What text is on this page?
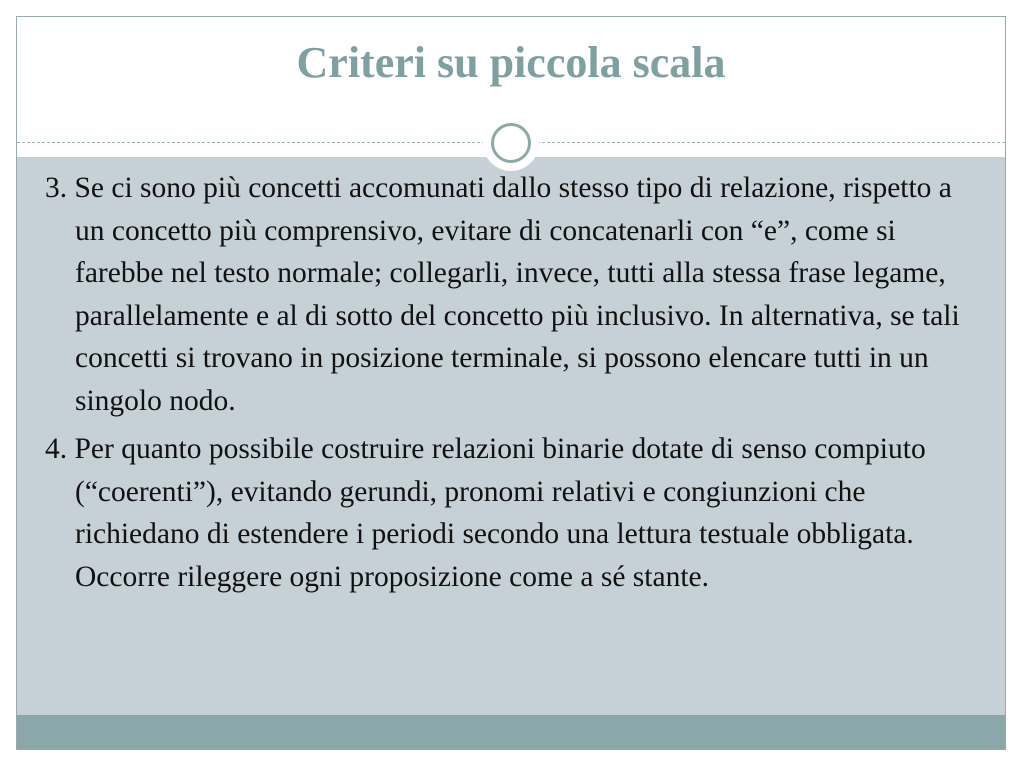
Criteri su piccola scala

3. Se ci sono più concetti accomunati dallo stesso tipo di relazione, rispetto a un concetto più comprensivo, evitare di concatenarli con “e”, come si farebbe nel testo normale; collegarli, invece, tutti alla stessa frase legame, parallelamente e al di sotto del concetto più inclusivo. In alternativa, se tali concetti si trovano in posizione terminale, si possono elencare tutti in un singolo nodo.

4. Per quanto possibile costruire relazioni binarie dotate di senso compiuto (“coerenti”), evitando gerundi, pronomi relativi e congiunzioni che richiedano di estendere i periodi secondo una lettura testuale obbligata. Occorre rileggere ogni proposizione come a sé stante.
